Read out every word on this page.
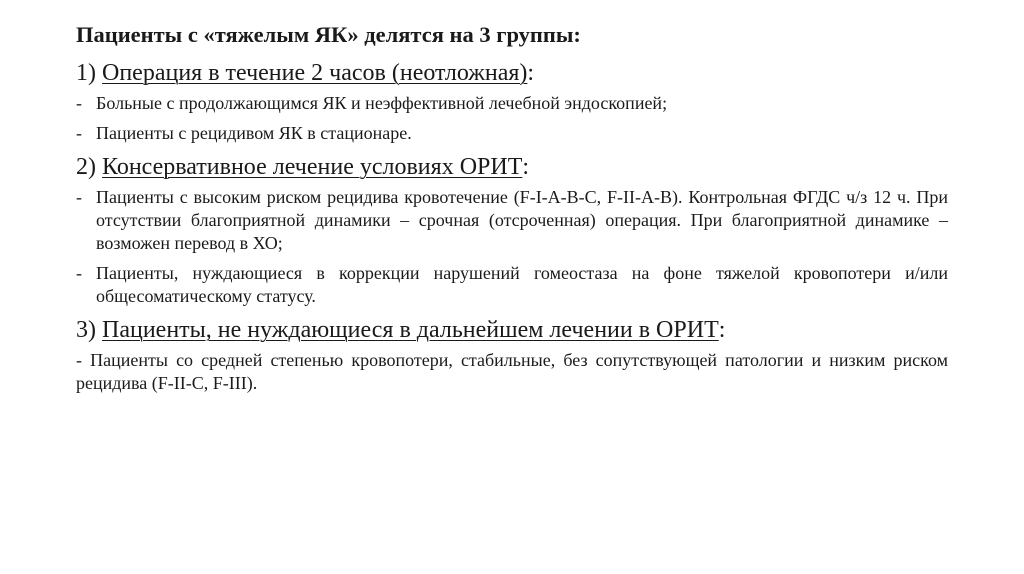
Пациенты с «тяжелым ЯК» делятся на 3 группы:
1) Операция в течение 2 часов (неотложная):
- Больные с продолжающимся ЯК и неэффективной лечебной эндоскопией;
- Пациенты с рецидивом ЯК в стационаре.
2) Консервативное лечение условиях ОРИТ:
- Пациенты с высоким риском рецидива кровотечение (F-I-A-B-C, F-II-A-B). Контрольная ФГДС ч/з 12 ч. При отсутствии благоприятной динамики – срочная (отсроченная) операция. При благоприятной динамике – возможен перевод в ХО;
- Пациенты, нуждающиеся в коррекции нарушений гомеостаза на фоне тяжелой кровопотери и/или общесоматическому статусу.
3) Пациенты, не нуждающиеся в дальнейшем лечении в ОРИТ:
- Пациенты со средней степенью кровопотери, стабильные, без сопутствующей патологии и низким риском рецидива (F-II-C, F-III).
